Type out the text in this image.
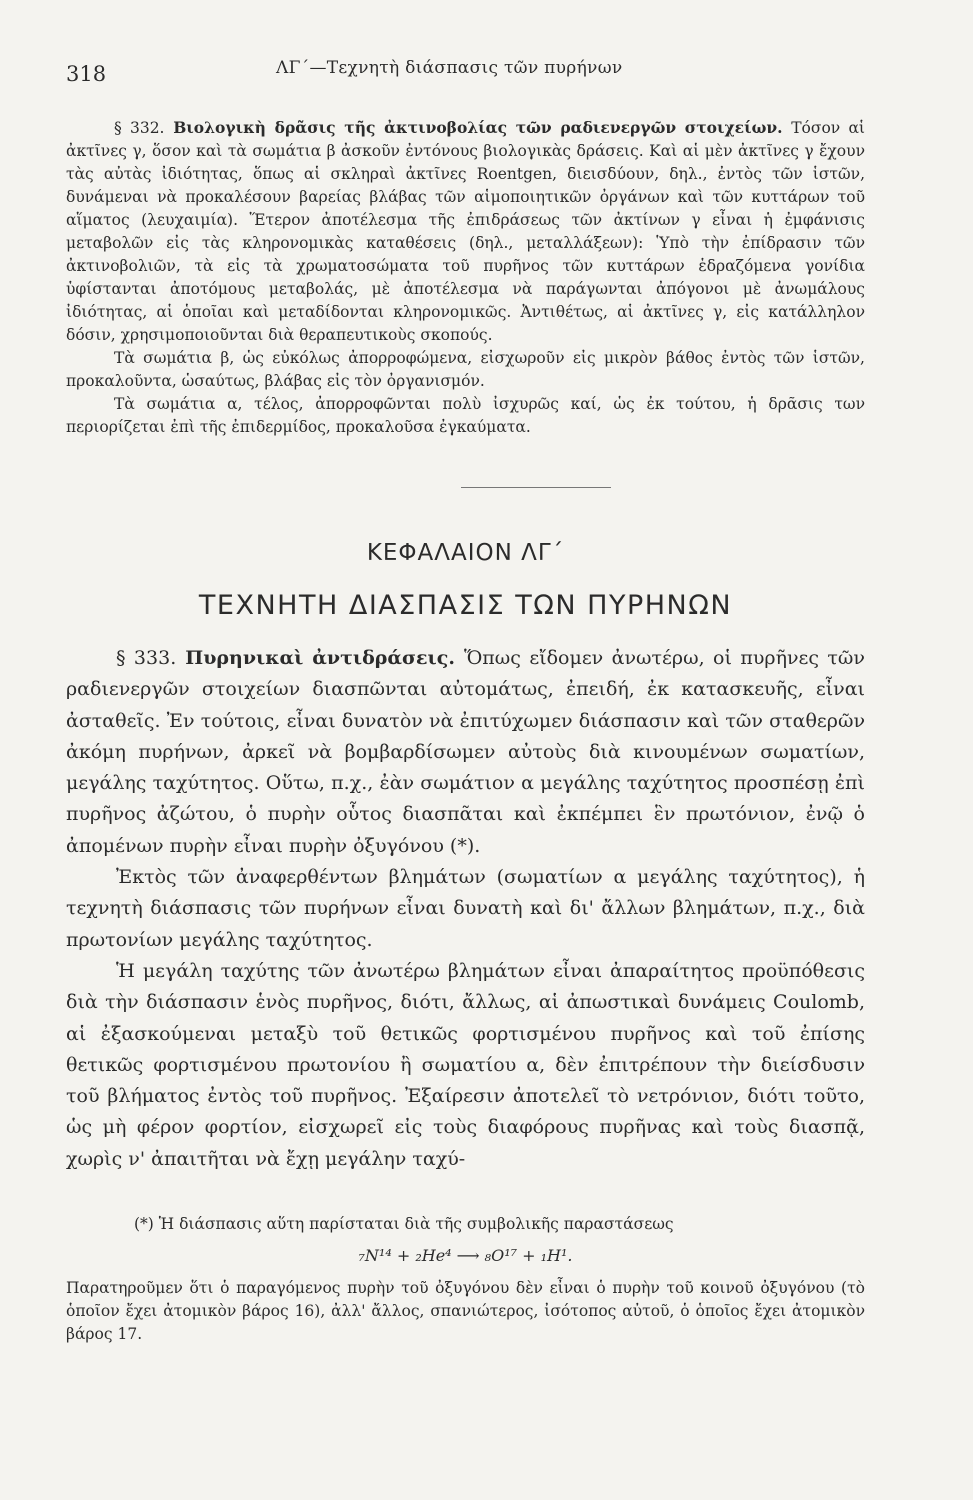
318	ΛΓ΄—Τεχνητὴ διάσπασις τῶν πυρήνων

§ 332. Βιολογικὴ δρᾶσις τῆς ἀκτινοβολίας τῶν ραδιενεργῶν στοιχείων. Τόσον αἱ ἀκτῖνες γ, ὅσον καὶ τὰ σωμάτια β ἀσκοῦν ἐντόνους βιολογικὰς δράσεις. Καὶ αἱ μὲν ἀκτῖνες γ ἔχουν τὰς αὐτὰς ἰδιότητας, ὅπως αἱ σκληραὶ ἀκτῖνες Roentgen, διεισδύουν, δηλ., ἐντὸς τῶν ἱστῶν, δυνάμεναι νὰ προκαλέσουν βαρείας βλάβας τῶν αἱμοποιητικῶν ὀργάνων καὶ τῶν κυττάρων τοῦ αἵματος (λευχαιμία). Ἕτερον ἀποτέλεσμα τῆς ἐπιδράσεως τῶν ἀκτίνων γ εἶναι ἡ ἐμφάνισις μεταβολῶν εἰς τὰς κληρονομικὰς καταθέσεις (δηλ., μεταλλάξεων): Ὑπὸ τὴν ἐπίδρασιν τῶν ἀκτινοβολιῶν, τὰ εἰς τὰ χρωματοσώματα τοῦ πυρῆνος τῶν κυττάρων ἑδραζόμενα γονίδια ὑφίστανται ἀποτόμους μεταβολάς, μὲ ἀποτέλεσμα νὰ παράγωνται ἀπόγονοι μὲ ἀνωμάλους ἰδιότητας, αἱ ὁποῖαι καὶ μεταδίδονται κληρονομικῶς. Ἀντιθέτως, αἱ ἀκτῖνες γ, εἰς κατάλληλον δόσιν, χρησιμοποιοῦνται διὰ θεραπευτικοὺς σκοπούς.

Τὰ σωμάτια β, ὡς εὐκόλως ἀπορροφώμενα, εἰσχωροῦν εἰς μικρὸν βάθος ἐντὸς τῶν ἱστῶν, προκαλοῦντα, ὡσαύτως, βλάβας εἰς τὸν ὀργανισμόν.

Τὰ σωμάτια α, τέλος, ἀπορροφῶνται πολὺ ἰσχυρῶς καί, ὡς ἐκ τούτου, ἡ δρᾶσις των περιορίζεται ἐπὶ τῆς ἐπιδερμίδος, προκαλοῦσα ἐγκαύματα.

ΚΕΦΑΛΑΙΟΝ ΛΓ΄
ΤΕΧΝΗΤΗ ΔΙΑΣΠΑΣΙΣ ΤΩΝ ΠΥΡΗΝΩΝ

§ 333. Πυρηνικαὶ ἀντιδράσεις. Ὅπως εἴδομεν ἀνωτέρω, οἱ πυρῆνες τῶν ραδιενεργῶν στοιχείων διασπῶνται αὐτομάτως, ἐπειδή, ἐκ κατασκευῆς, εἶναι ἀσταθεῖς. Ἐν τούτοις, εἶναι δυνατὸν νὰ ἐπιτύχωμεν διάσπασιν καὶ τῶν σταθερῶν ἀκόμη πυρήνων, ἀρκεῖ νὰ βομβαρδίσωμεν αὐτοὺς διὰ κινουμένων σωματίων, μεγάλης ταχύτητος. Οὕτω, π.χ., ἐὰν σωμάτιον α μεγάλης ταχύτητος προσπέσῃ ἐπὶ πυρῆνος ἀζώτου, ὁ πυρὴν οὗτος διασπᾶται καὶ ἐκπέμπει ἓν πρωτόνιον, ἐνῷ ὁ ἀπομένων πυρὴν εἶναι πυρὴν ὀξυγόνου (*).

Ἐκτὸς τῶν ἀναφερθέντων βλημάτων (σωματίων α μεγάλης ταχύτητος), ἡ τεχνητὴ διάσπασις τῶν πυρήνων εἶναι δυνατὴ καὶ δι' ἄλλων βλημάτων, π.χ., διὰ πρωτονίων μεγάλης ταχύτητος.

Ἡ μεγάλη ταχύτης τῶν ἀνωτέρω βλημάτων εἶναι ἀπαραίτητος προϋπόθεσις διὰ τὴν διάσπασιν ἑνὸς πυρῆνος, διότι, ἄλλως, αἱ ἀπωστικαὶ δυνάμεις Coulomb, αἱ ἐξασκούμεναι μεταξὺ τοῦ θετικῶς φορτισμένου πυρῆνος καὶ τοῦ ἐπίσης θετικῶς φορτισμένου πρωτονίου ἢ σωματίου α, δὲν ἐπιτρέπουν τὴν διείσδυσιν τοῦ βλήματος ἐντὸς τοῦ πυρῆνος. Ἐξαίρεσιν ἀποτελεῖ τὸ νετρόνιον, διότι τοῦτο, ὡς μὴ φέρον φορτίον, εἰσχωρεῖ εἰς τοὺς διαφόρους πυρῆνας καὶ τοὺς διασπᾷ, χωρὶς ν' ἀπαιτῆται νὰ ἔχῃ μεγάλην ταχύ-

(*) Ἡ διάσπασις αὕτη παρίσταται διὰ τῆς συμβολικῆς παραστάσεως

₇N¹⁴ + ₂He⁴ ⟶ ₈O¹⁷ + ₁H¹.

Παρατηροῦμεν ὅτι ὁ παραγόμενος πυρὴν τοῦ ὀξυγόνου δὲν εἶναι ὁ πυρὴν τοῦ κοινοῦ ὀξυγόνου (τὸ ὁποῖον ἔχει ἀτομικὸν βάρος 16), ἀλλ' ἄλλος, σπανιώτερος, ἰσότοπος αὐτοῦ, ὁ ὁποῖος ἔχει ἀτομικὸν βάρος 17.
